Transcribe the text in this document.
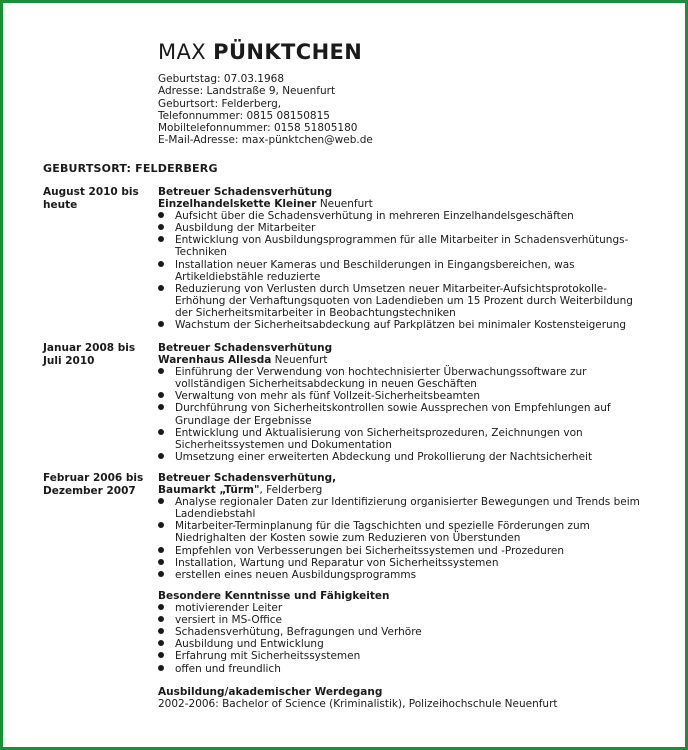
MAX PÜNKTCHEN
Geburtstag: 07.03.1968
Adresse: Landstraße 9, Neuenfurt
Geburtsort: Felderberg,
Telefonnummer: 0815 08150815
Mobiltelefonnummer: 0158 51805180
E-Mail-Adresse: max-pünktchen@web.de
GEBURTSORT: FELDERBERG
August 2010 bis heute
Betreuer Schadensverhütung
Einzelhandelskette Kleiner Neuenfurt
Aufsicht über die Schadensverhütung in mehreren Einzelhandelsgeschäften
Ausbildung der Mitarbeiter
Entwicklung von Ausbildungsprogrammen für alle Mitarbeiter in Schadensverhütungs-Techniken
Installation neuer Kameras und Beschilderungen in Eingangsbereichen, was Artikeldiebstähle reduzierte
Reduzierung von Verlusten durch Umsetzen neuer Mitarbeiter-Aufsichtsprotokolle-Erhöhung der Verhaftungsquoten von Ladendieben um 15 Prozent durch Weiterbildung der Sicherheitsmitarbeiter in Beobachtungstechniken
Wachstum der Sicherheitsabdeckung auf Parkplätzen bei minimaler Kostensteigerung
Januar 2008 bis Juli 2010
Betreuer Schadensverhütung
Warenhaus Allesda Neuenfurt
Einführung der Verwendung von hochtechnisierter Überwachungssoftware zur vollständigen Sicherheitsabdeckung in neuen Geschäften
Verwaltung von mehr als fünf Vollzeit-Sicherheitsbeamten
Durchführung von Sicherheitskontrollen sowie Aussprechen von Empfehlungen auf Grundlage der Ergebnisse
Entwicklung und Aktualisierung von Sicherheitsprozeduren, Zeichnungen von Sicherheitssystemen und Dokumentation
Umsetzung einer erweiterten Abdeckung und Prokollierung der Nachtsicherheit
Februar 2006 bis Dezember 2007
Betreuer Schadensverhütung,
Baumarkt „Türm", Felderberg
Analyse regionaler Daten zur Identifizierung organisierter Bewegungen und Trends beim Ladendiebstahl
Mitarbeiter-Terminplanung für die Tagschichten und spezielle Förderungen zum Niedrighalten der Kosten sowie zum Reduzieren von Überstunden
Empfehlen von Verbesserungen bei Sicherheitssystemen und -Prozeduren
Installation, Wartung und Reparatur von Sicherheitssystemen
erstellen eines neuen Ausbildungsprogramms
Besondere Kenntnisse und Fähigkeiten
motivierender Leiter
versiert in MS-Office
Schadensverhütung, Befragungen und Verhöre
Ausbildung und Entwicklung
Erfahrung mit Sicherheitssystemen
offen und freundlich
Ausbildung/akademischer Werdegang
2002-2006: Bachelor of Science (Kriminalistik), Polizeihochschule Neuenfurt
